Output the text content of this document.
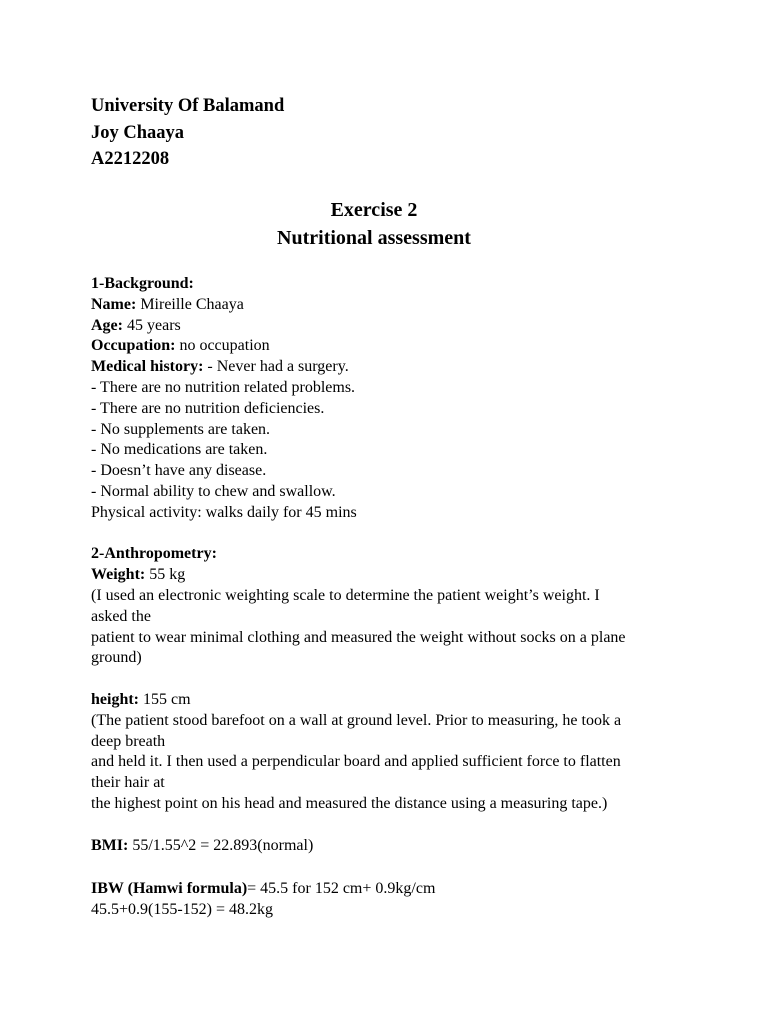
University Of Balamand
Joy Chaaya
A2212208
Exercise 2
Nutritional assessment

1-Background:

Name: Mireille Chaaya

Age: 45 years

Occupation: no occupation

Medical history: - Never had a surgery.

- There are no nutrition related problems.

- There are no nutrition deficiencies.

- No supplements are taken.

- No medications are taken.

- Doesn’t have any disease.

- Normal ability to chew and swallow.

Physical activity: walks daily for 45 mins

2-Anthropometry:

Weight: 55 kg

(I used an electronic weighting scale to determine the patient weight’s weight. I

asked the

patient to wear minimal clothing and measured the weight without socks on a plane

ground)

height: 155 cm

(The patient stood barefoot on a wall at ground level. Prior to measuring, he took a

deep breath

and held it. I then used a perpendicular board and applied sufficient force to flatten

their hair at

the highest point on his head and measured the distance using a measuring tape.)

BMI: 55/1.55^2 = 22.893(normal)

IBW (Hamwi formula)= 45.5 for 152 cm+ 0.9kg/cm

45.5+0.9(155-152) = 48.2kg
